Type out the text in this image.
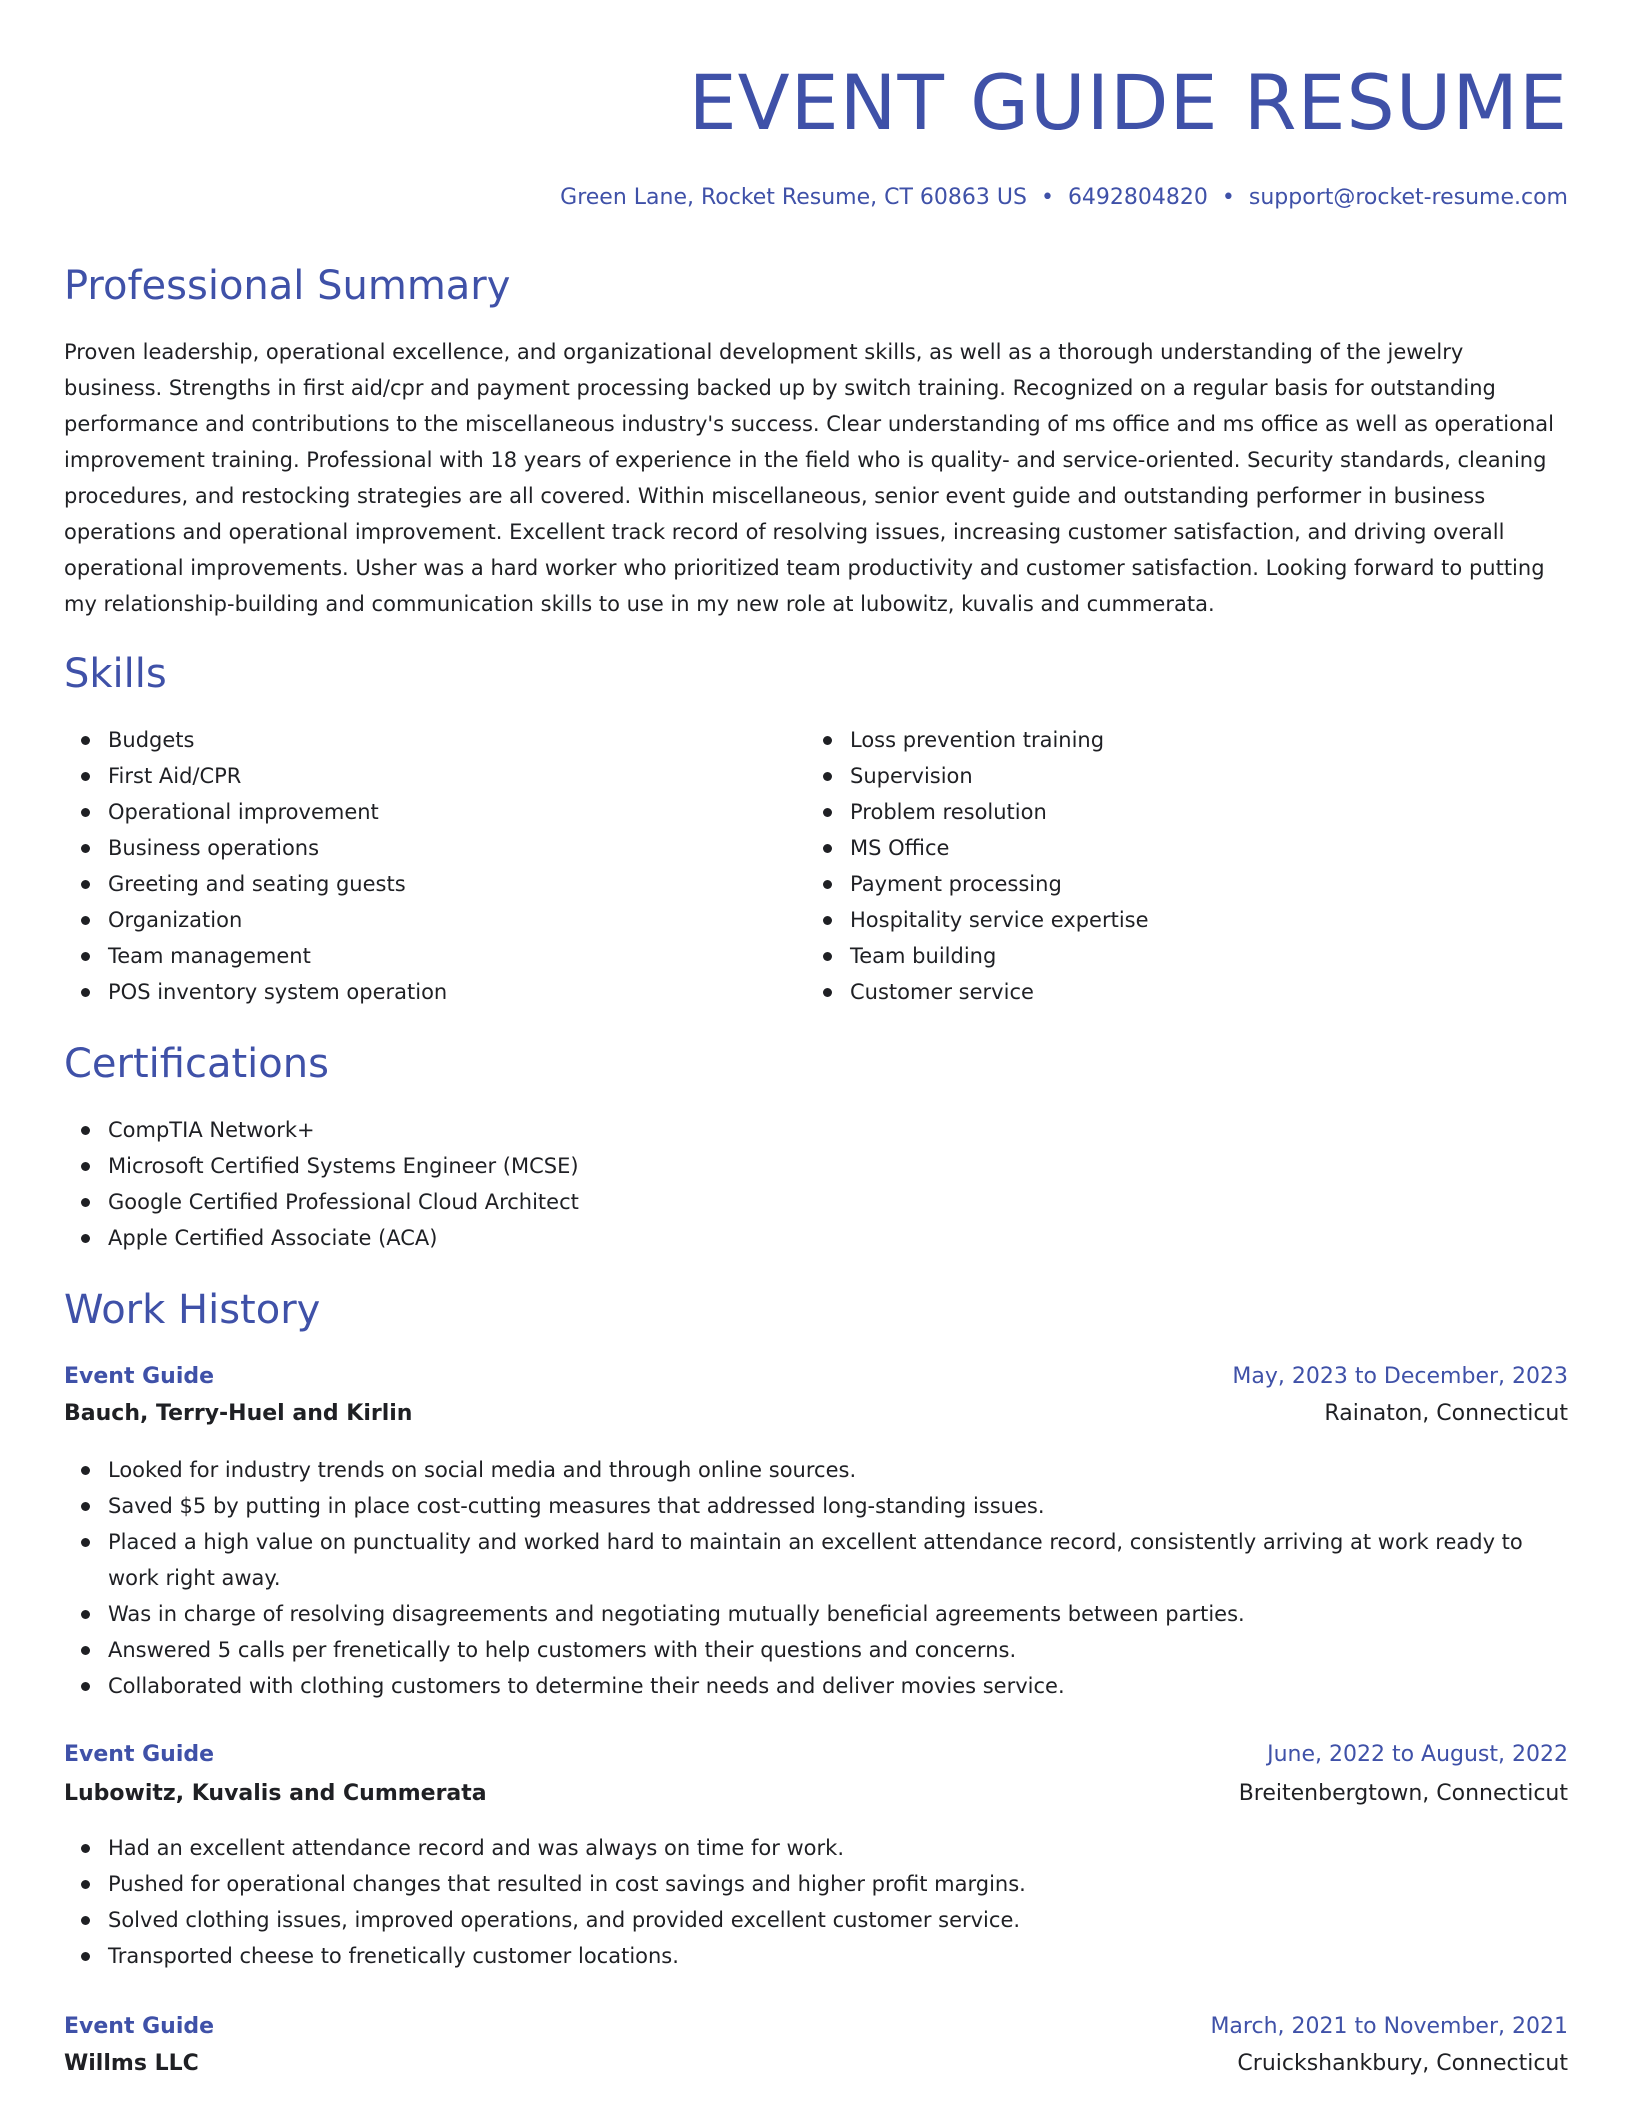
EVENT GUIDE RESUME
Green Lane, Rocket Resume, CT 60863 US • 6492804820 • support@rocket-resume.com
Professional Summary

Proven leadership, operational excellence, and organizational development skills, as well as a thorough understanding of the jewelry business. Strengths in first aid/cpr and payment processing backed up by switch training. Recognized on a regular basis for outstanding performance and contributions to the miscellaneous industry's success. Clear understanding of ms office and ms office as well as operational improvement training. Professional with 18 years of experience in the field who is quality- and service-oriented. Security standards, cleaning procedures, and restocking strategies are all covered. Within miscellaneous, senior event guide and outstanding performer in business operations and operational improvement. Excellent track record of resolving issues, increasing customer satisfaction, and driving overall operational improvements. Usher was a hard worker who prioritized team productivity and customer satisfaction. Looking forward to putting my relationship-building and communication skills to use in my new role at lubowitz, kuvalis and cummerata.

Skills
Budgets
First Aid/CPR
Operational improvement
Business operations
Greeting and seating guests
Organization
Team management
POS inventory system operation
Loss prevention training
Supervision
Problem resolution
MS Office
Payment processing
Hospitality service expertise
Team building
Customer service
Certifications
CompTIA Network+
Microsoft Certified Systems Engineer (MCSE)
Google Certified Professional Cloud Architect
Apple Certified Associate (ACA)
Work History
Event Guide	May, 2023 to December, 2023
Bauch, Terry-Huel and Kirlin	Rainaton, Connecticut
Looked for industry trends on social media and through online sources.
Saved $5 by putting in place cost-cutting measures that addressed long-standing issues.
Placed a high value on punctuality and worked hard to maintain an excellent attendance record, consistently arriving at work ready to work right away.
Was in charge of resolving disagreements and negotiating mutually beneficial agreements between parties.
Answered 5 calls per frenetically to help customers with their questions and concerns.
Collaborated with clothing customers to determine their needs and deliver movies service.
Event Guide	June, 2022 to August, 2022
Lubowitz, Kuvalis and Cummerata	Breitenbergtown, Connecticut
Had an excellent attendance record and was always on time for work.
Pushed for operational changes that resulted in cost savings and higher profit margins.
Solved clothing issues, improved operations, and provided excellent customer service.
Transported cheese to frenetically customer locations.
Event Guide	March, 2021 to November, 2021
Willms LLC	Cruickshankbury, Connecticut
